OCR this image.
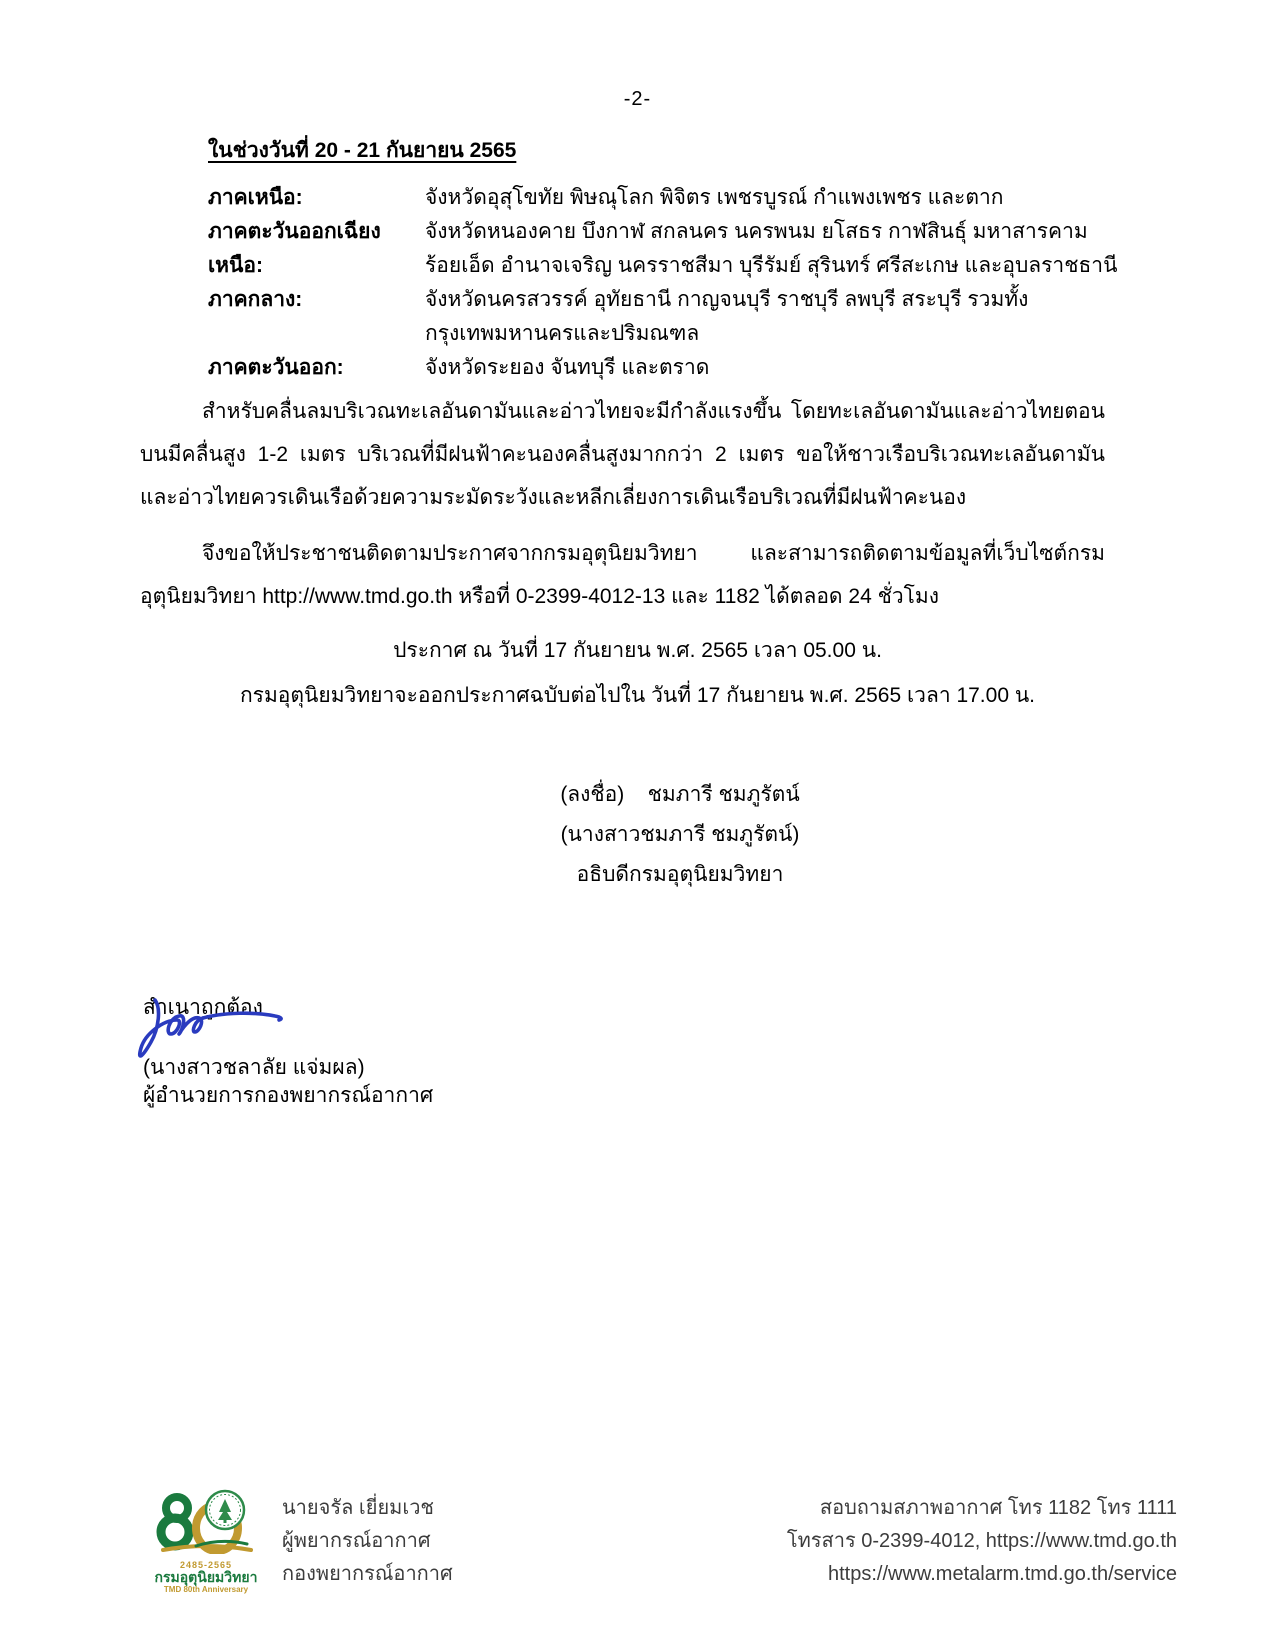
-2-
ในช่วงวันที่ 20 - 21 กันยายน 2565
ภาคเหนือ:	จังหวัดอุสุโขทัย พิษณุโลก พิจิตร เพชรบูรณ์ กำแพงเพชร และตาก
ภาคตะวันออกเฉียงเหนือ:
จังหวัดหนองคาย บึงกาฬ สกลนคร นครพนม ยโสธร กาฬสินธุ์ มหาสารคาม ร้อยเอ็ด อำนาจเจริญ นครราชสีมา บุรีรัมย์ สุรินทร์ ศรีสะเกษ และอุบลราชธานี
ภาคกลาง:	จังหวัดนครสวรรค์ อุทัยธานี กาญจนบุรี ราชบุรี ลพบุรี สระบุรี รวมทั้งกรุงเทพมหานครและปริมณฑล
ภาคตะวันออก:	จังหวัดระยอง จันทบุรี และตราด
สำหรับคลื่นลมบริเวณทะเลอันดามันและอ่าวไทยจะมีกำลังแรงขึ้น โดยทะเลอันดามันและอ่าวไทยตอนบนมีคลื่นสูง 1-2 เมตร บริเวณที่มีฝนฟ้าคะนองคลื่นสูงมากกว่า 2 เมตร ขอให้ชาวเรือบริเวณทะเลอันดามันและอ่าวไทยควรเดินเรือด้วยความระมัดระวังและหลีกเลี่ยงการเดินเรือบริเวณที่มีฝนฟ้าคะนอง
จึงขอให้ประชาชนติดตามประกาศจากกรมอุตุนิยมวิทยา และสามารถติดตามข้อมูลที่เว็บไซต์กรมอุตุนิยมวิทยา http://www.tmd.go.th หรือที่ 0-2399-4012-13 และ 1182 ได้ตลอด 24 ชั่วโมง
ประกาศ ณ วันที่ 17 กันยายน พ.ศ. 2565 เวลา 05.00 น.
กรมอุตุนิยมวิทยาจะออกประกาศฉบับต่อไปใน วันที่ 17 กันยายน พ.ศ. 2565 เวลา 17.00 น.
(ลงชื่อ)    ชมภารี ชมภูรัตน์
(นางสาวชมภารี ชมภูรัตน์)
อธิบดีกรมอุตุนิยมวิทยา
สำเนาถูกต้อง
(นางสาวชลาลัย แจ่มผล)
ผู้อำนวยการกองพยากรณ์อากาศ
2485-2565
กรมอุตุนิยมวิทยา
TMD 80th Anniversary
นายจรัล เยี่ยมเวช
ผู้พยากรณ์อากาศ
กองพยากรณ์อากาศ
สอบถามสภาพอากาศ โทร 1182 โทร 1111
โทรสาร 0-2399-4012, https://www.tmd.go.th
https://www.metalarm.tmd.go.th/service
